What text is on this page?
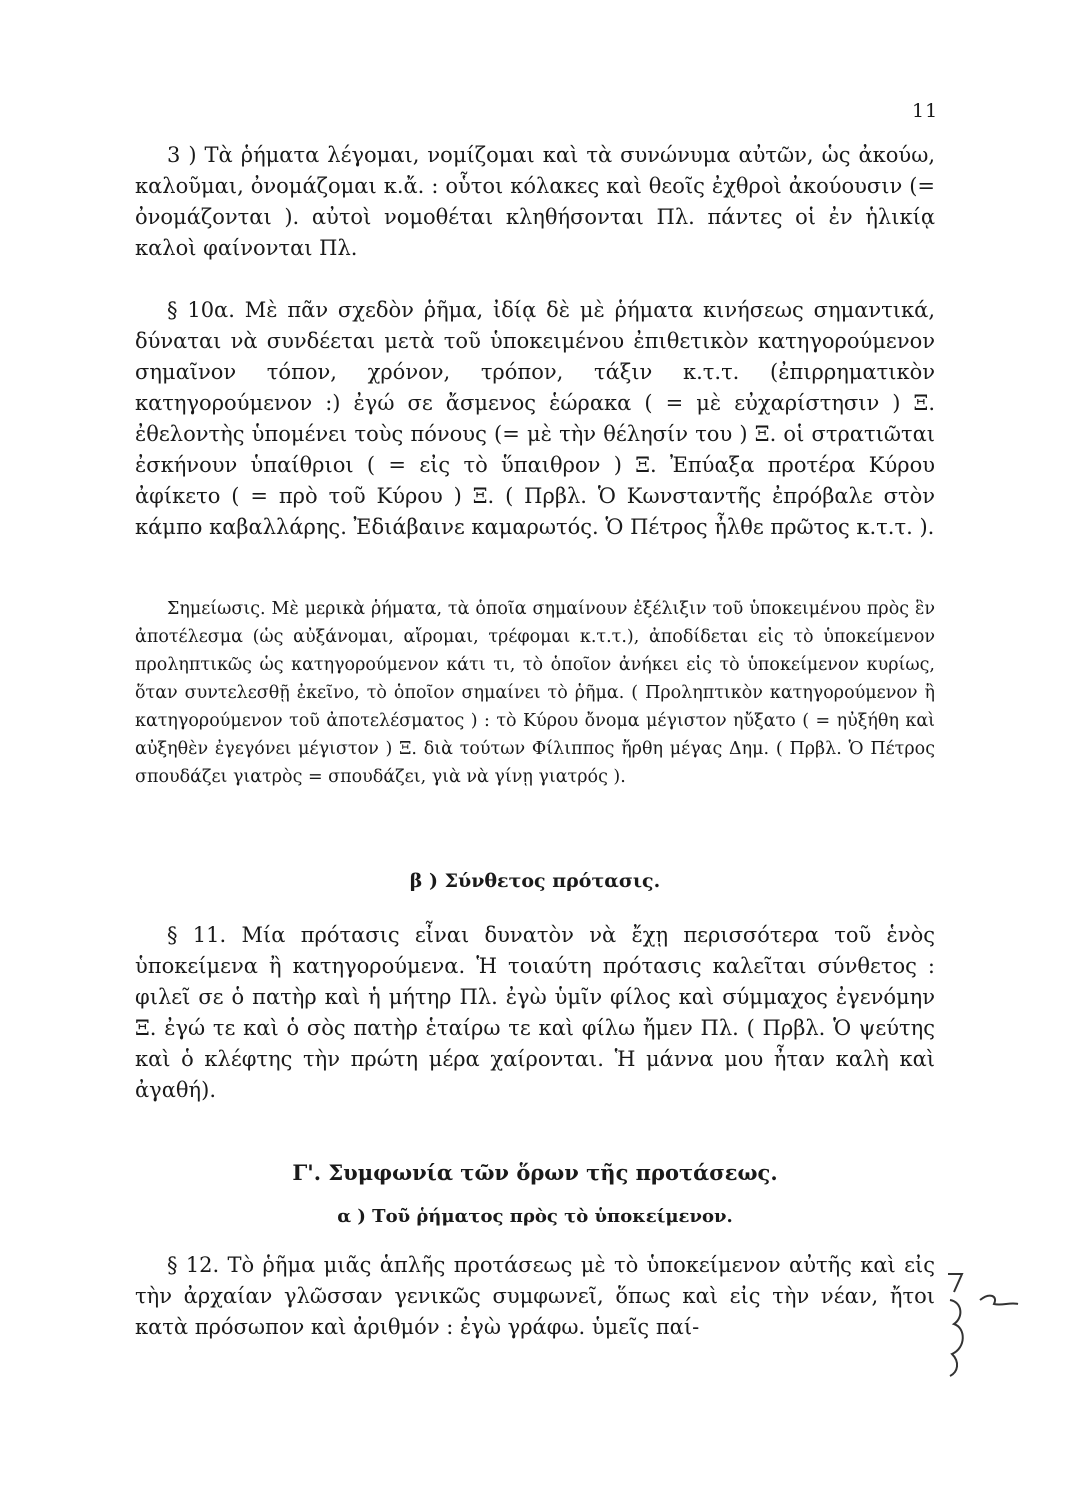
11

3 ) Τὰ ῥήματα λέγομαι, νομίζομαι καὶ τὰ συνώνυμα αὐτῶν, ὡς ἀκούω, καλοῦμαι, ὀνομάζομαι κ.ἄ. : οὗτοι κόλακες καὶ θεοῖς ἐχθροὶ ἀκούουσιν (= ὀνομάζονται ). αὐτοὶ νομοθέται κληθήσονται Πλ. πάντες οἱ ἐν ἡλικίᾳ καλοὶ φαίνονται Πλ.

§ 10α. Μὲ πᾶν σχεδὸν ῥῆμα, ἰδίᾳ δὲ μὲ ῥήματα κινήσεως σημαντικά, δύναται νὰ συνδέεται μετὰ τοῦ ὑποκειμένου ἐπιθετικὸν κατηγορούμενον σημαῖνον τόπον, χρόνον, τρόπον, τάξιν κ.τ.τ. (ἐπιρρηματικὸν κατηγορούμενον :) ἐγώ σε ἄσμενος ἑώρακα ( = μὲ εὐχαρίστησιν ) Ξ. ἐθελοντὴς ὑπομένει τοὺς πόνους (= μὲ τὴν θέλησίν του ) Ξ. οἱ στρατιῶται ἐσκήνουν ὑπαίθριοι ( = εἰς τὸ ὕπαιθρον ) Ξ. Ἐπύαξα προτέρα Κύρου ἀφίκετο ( = πρὸ τοῦ Κύρου ) Ξ. ( Πρβλ. Ὁ Κωνσταντῆς ἐπρόβαλε στὸν κάμπο καβαλλάρης. Ἐδιάβαινε καμαρωτός. Ὁ Πέτρος ἦλθε πρῶτος κ.τ.τ. ).

Σημείωσις. Μὲ μερικὰ ῥήματα, τὰ ὁποῖα σημαίνουν ἐξέλιξιν τοῦ ὑποκειμένου πρὸς ἓν ἀποτέλεσμα (ὡς αὐξάνομαι, αἴρομαι, τρέφομαι κ.τ.τ.), ἀποδίδεται εἰς τὸ ὑποκείμενον προληπτικῶς ὡς κατηγορούμενον κάτι τι, τὸ ὁποῖον ἀνήκει εἰς τὸ ὑποκείμενον κυρίως, ὅταν συντελεσθῇ ἐκεῖνο, τὸ ὁποῖον σημαίνει τὸ ῥῆμα. ( Προληπτικὸν κατηγορούμενον ἢ κατηγορούμενον τοῦ ἀποτελέσματος ) : τὸ Κύρου ὄνομα μέγιστον ηὔξατο ( = ηὐξήθη καὶ αὐξηθὲν ἐγεγόνει μέγιστον ) Ξ. διὰ τούτων Φίλιππος ἤρθη μέγας Δημ. ( Πρβλ. Ὁ Πέτρος σπουδάζει γιατρὸς = σπουδάζει, γιὰ νὰ γίνῃ γιατρός ).

β ) Σύνθετος πρότασις.

§ 11. Μία πρότασις εἶναι δυνατὸν νὰ ἔχῃ περισσότερα τοῦ ἑνὸς ὑποκείμενα ἢ κατηγορούμενα. Ἡ τοιαύτη πρότασις καλεῖται σύνθετος : φιλεῖ σε ὁ πατὴρ καὶ ἡ μήτηρ Πλ. ἐγὼ ὑμῖν φίλος καὶ σύμμαχος ἐγενόμην Ξ. ἐγώ τε καὶ ὁ σὸς πατὴρ ἑταίρω τε καὶ φίλω ἤμεν Πλ. ( Πρβλ. Ὁ ψεύτης καὶ ὁ κλέφτης τὴν πρώτη μέρα χαίρονται. Ἡ μάννα μου ἦταν καλὴ καὶ ἀγαθή).

Γ'. Συμφωνία τῶν ὅρων τῆς προτάσεως.
α ) Τοῦ ῥήματος πρὸς τὸ ὑποκείμενον.

§ 12. Τὸ ῥῆμα μιᾶς ἁπλῆς προτάσεως μὲ τὸ ὑποκείμενον αὐτῆς καὶ εἰς τὴν ἀρχαίαν γλῶσσαν γενικῶς συμφωνεῖ, ὅπως καὶ εἰς τὴν νέαν, ἤτοι κατὰ πρόσωπον καὶ ἀριθμόν : ἐγὼ γράφω. ὑμεῖς παί-
